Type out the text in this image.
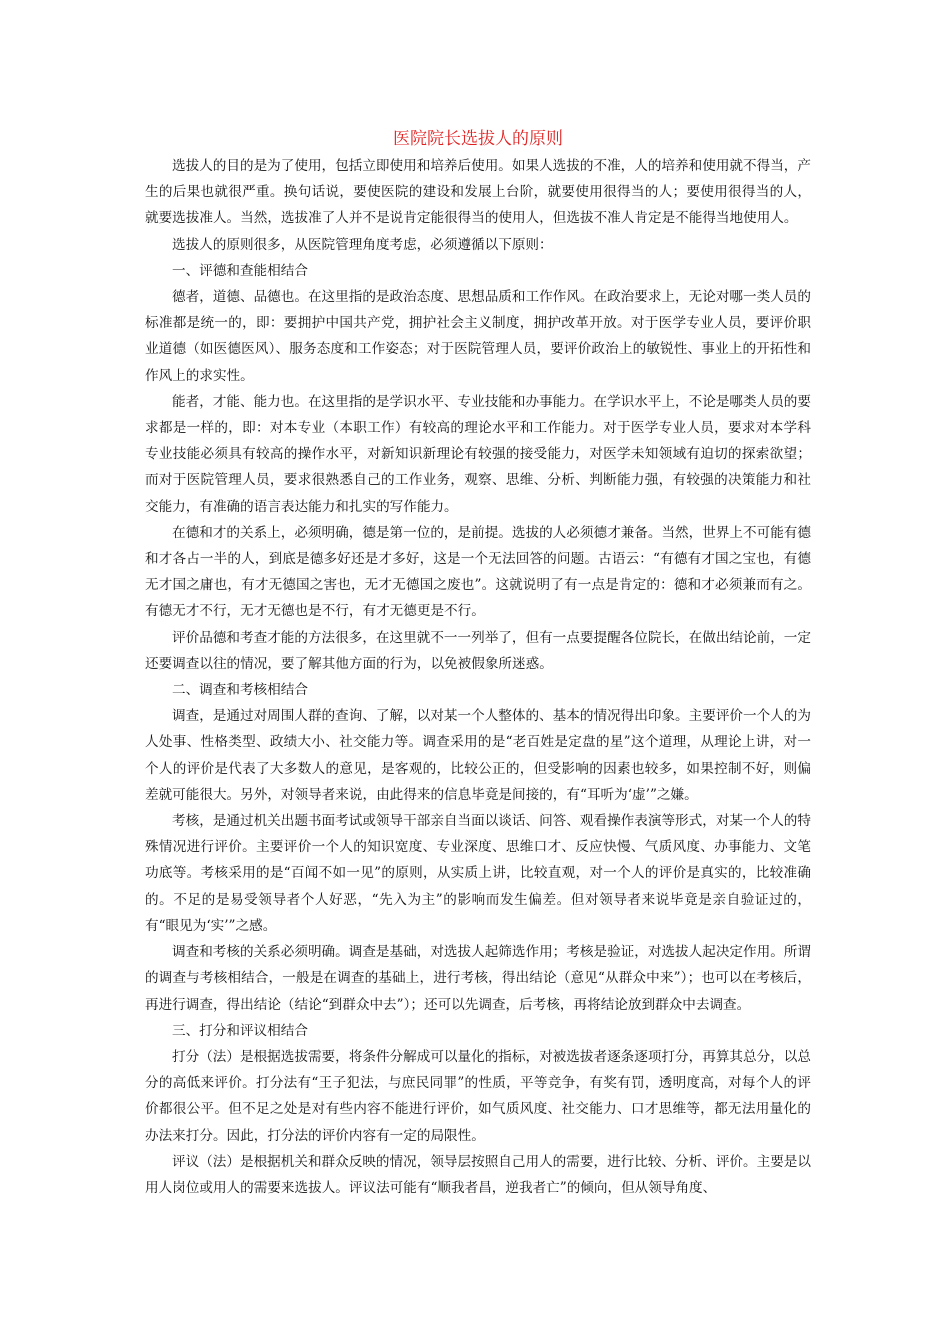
医院院长选拔人的原则

选拔人的目的是为了使用，包括立即使用和培养后使用。如果人选拔的不准，人的培养和使用就不得当，产生的后果也就很严重。换句话说，要使医院的建设和发展上台阶，就要使用很得当的人；要使用很得当的人，就要选拔准人。当然，选拔准了人并不是说肯定能很得当的使用人，但选拔不准人肯定是不能得当地使用人。

选拔人的原则很多，从医院管理角度考虑，必须遵循以下原则：

一、评德和查能相结合

德者，道德、品德也。在这里指的是政治态度、思想品质和工作作风。在政治要求上，无论对哪一类人员的标准都是统一的，即：要拥护中国共产党，拥护社会主义制度，拥护改革开放。对于医学专业人员，要评价职业道德（如医德医风）、服务态度和工作姿态；对于医院管理人员，要评价政治上的敏锐性、事业上的开拓性和作风上的求实性。

能者，才能、能力也。在这里指的是学识水平、专业技能和办事能力。在学识水平上，不论是哪类人员的要求都是一样的，即：对本专业（本职工作）有较高的理论水平和工作能力。对于医学专业人员，要求对本学科专业技能必须具有较高的操作水平，对新知识新理论有较强的接受能力，对医学未知领域有迫切的探索欲望；而对于医院管理人员，要求很熟悉自己的工作业务，观察、思维、分析、判断能力强，有较强的决策能力和社交能力，有准确的语言表达能力和扎实的写作能力。

在德和才的关系上，必须明确，德是第一位的，是前提。选拔的人必须德才兼备。当然，世界上不可能有德和才各占一半的人，到底是德多好还是才多好，这是一个无法回答的问题。古语云：“有德有才国之宝也，有德无才国之庸也，有才无德国之害也，无才无德国之废也”。这就说明了有一点是肯定的：德和才必须兼而有之。有德无才不行，无才无德也是不行，有才无德更是不行。

评价品德和考查才能的方法很多，在这里就不一一列举了，但有一点要提醒各位院长，在做出结论前，一定还要调查以往的情况，要了解其他方面的行为，以免被假象所迷惑。

二、调查和考核相结合

调查，是通过对周围人群的查询、了解，以对某一个人整体的、基本的情况得出印象。主要评价一个人的为人处事、性格类型、政绩大小、社交能力等。调查采用的是“老百姓是定盘的星”这个道理，从理论上讲，对一个人的评价是代表了大多数人的意见，是客观的，比较公正的，但受影响的因素也较多，如果控制不好，则偏差就可能很大。另外，对领导者来说，由此得来的信息毕竟是间接的，有“耳听为‘虚’”之嫌。

考核，是通过机关出题书面考试或领导干部亲自当面以谈话、问答、观看操作表演等形式，对某一个人的特殊情况进行评价。主要评价一个人的知识宽度、专业深度、思维口才、反应快慢、气质风度、办事能力、文笔功底等。考核采用的是“百闻不如一见”的原则，从实质上讲，比较直观，对一个人的评价是真实的，比较准确的。不足的是易受领导者个人好恶，“先入为主”的影响而发生偏差。但对领导者来说毕竟是亲自验证过的，有“眼见为‘实’”之感。

调查和考核的关系必须明确。调查是基础，对选拔人起筛选作用；考核是验证，对选拔人起决定作用。所谓的调查与考核相结合，一般是在调查的基础上，进行考核，得出结论（意见“从群众中来”）；也可以在考核后，再进行调查，得出结论（结论“到群众中去”）；还可以先调查，后考核，再将结论放到群众中去调查。

三、打分和评议相结合

打分（法）是根据选拔需要，将条件分解成可以量化的指标，对被选拔者逐条逐项打分，再算其总分，以总分的高低来评价。打分法有“王子犯法，与庶民同罪”的性质，平等竞争，有奖有罚，透明度高，对每个人的评价都很公平。但不足之处是对有些内容不能进行评价，如气质风度、社交能力、口才思维等，都无法用量化的办法来打分。因此，打分法的评价内容有一定的局限性。

评议（法）是根据机关和群众反映的情况，领导层按照自己用人的需要，进行比较、分析、评价。主要是以用人岗位或用人的需要来选拔人。评议法可能有“顺我者昌，逆我者亡”的倾向，但从领导角度、
